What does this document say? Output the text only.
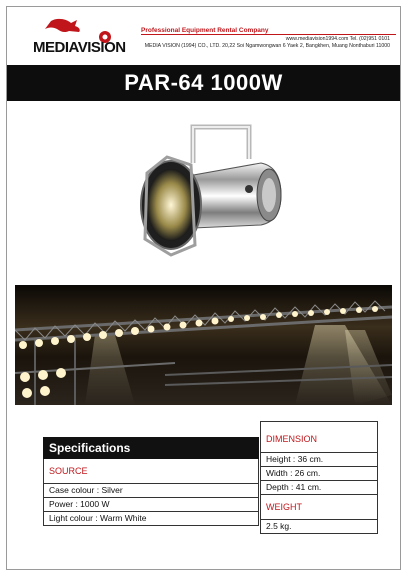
MEDIAVISION
Professional Equipment Rental Company
www.mediavision1994.com Tel. (02)951 0101
MEDIA VISION (1994) CO., LTD. 20,22 Soi Ngamwongwan 6 Yaek 2, Bangkhen, Muang Nonthaburi 11000
PAR-64 1000W
Specifications
SOURCE
Case colour : Silver
Power : 1000 W
Light colour : Warm White
DIMENSION
Height : 36 cm.
Width : 26 cm.
Depth : 41 cm.
WEIGHT
2.5 kg.
